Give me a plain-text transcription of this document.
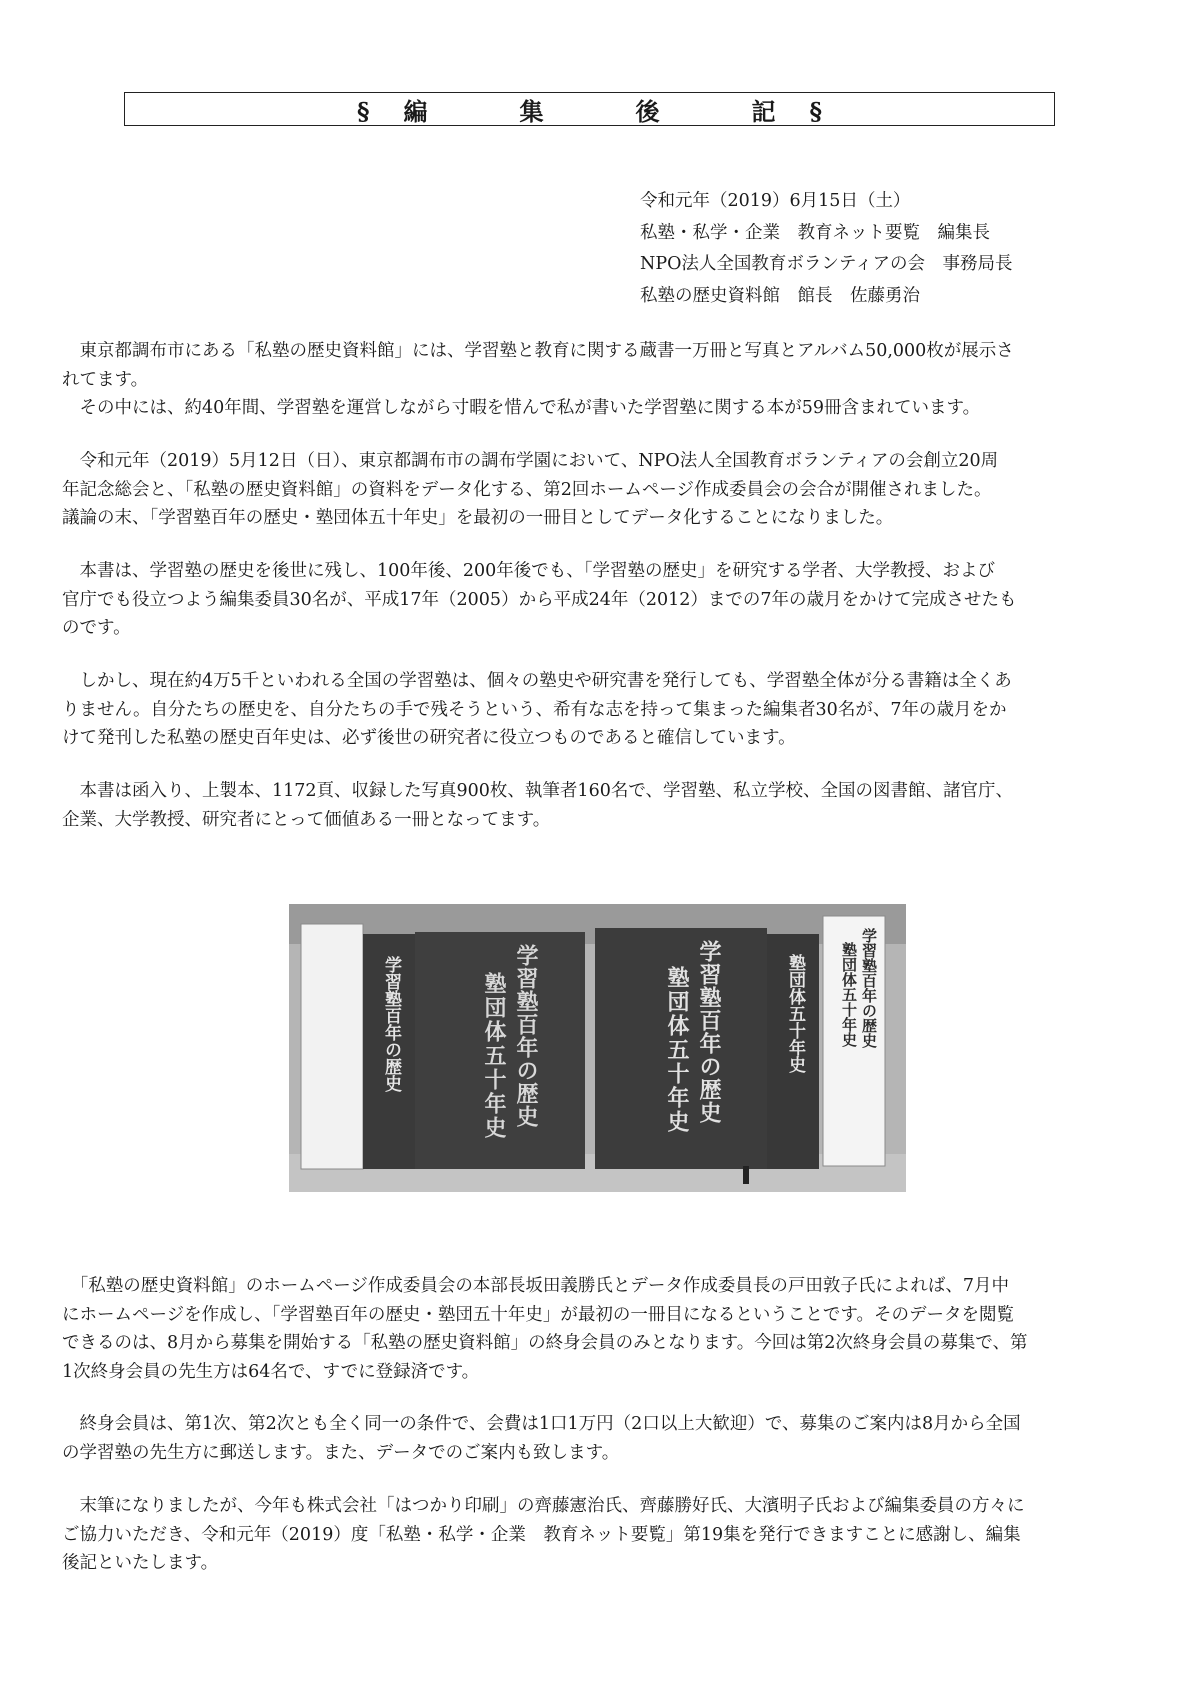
§編　集　後　記§
令和元年（2019）6月15日（土）
私塾・私学・企業　教育ネット要覧　編集長
NPO法人全国教育ボランティアの会　事務局長
私塾の歴史資料館　館長　佐藤勇治
　東京都調布市にある「私塾の歴史資料館」には、学習塾と教育に関する蔵書一万冊と写真とアルバム50,000枚が展示さ
れてます。
　その中には、約40年間、学習塾を運営しながら寸暇を惜んで私が書いた学習塾に関する本が59冊含まれています。
　令和元年（2019）5月12日（日）、東京都調布市の調布学園において、NPO法人全国教育ボランティアの会創立20周
年記念総会と、「私塾の歴史資料館」の資料をデータ化する、第2回ホームページ作成委員会の会合が開催されました。
議論の末、「学習塾百年の歴史・塾団体五十年史」を最初の一冊目としてデータ化することになりました。
　本書は、学習塾の歴史を後世に残し、100年後、200年後でも、「学習塾の歴史」を研究する学者、大学教授、および
官庁でも役立つよう編集委員30名が、平成17年（2005）から平成24年（2012）までの7年の歳月をかけて完成させたも
のです。
　しかし、現在約4万5千といわれる全国の学習塾は、個々の塾史や研究書を発行しても、学習塾全体が分る書籍は全くあ
りません。自分たちの歴史を、自分たちの手で残そうという、希有な志を持って集まった編集者30名が、7年の歳月をか
けて発刊した私塾の歴史百年史は、必ず後世の研究者に役立つものであると確信しています。
　本書は函入り、上製本、1172頁、収録した写真900枚、執筆者160名で、学習塾、私立学校、全国の図書館、諸官庁、
企業、大学教授、研究者にとって価値ある一冊となってます。
学習塾百年の歴史	学習塾百年の歴史
塾団体五十年史	学習塾百年の歴史
塾団体五十年史	塾団体五十年史	学習塾百年の歴史
塾団体五十年史
　「私塾の歴史資料館」のホームページ作成委員会の本部長坂田義勝氏とデータ作成委員長の戸田敦子氏によれば、7月中
にホームページを作成し、「学習塾百年の歴史・塾団五十年史」が最初の一冊目になるということです。そのデータを閲覧
できるのは、8月から募集を開始する「私塾の歴史資料館」の終身会員のみとなります。今回は第2次終身会員の募集で、第
1次終身会員の先生方は64名で、すでに登録済です。
　終身会員は、第1次、第2次とも全く同一の条件で、会費は1口1万円（2口以上大歓迎）で、募集のご案内は8月から全国
の学習塾の先生方に郵送します。また、データでのご案内も致します。
　末筆になりましたが、今年も株式会社「はつかり印刷」の齊藤憲治氏、齊藤勝好氏、大濱明子氏および編集委員の方々に
ご協力いただき、令和元年（2019）度「私塾・私学・企業　教育ネット要覧」第19集を発行できますことに感謝し、編集
後記といたします。
